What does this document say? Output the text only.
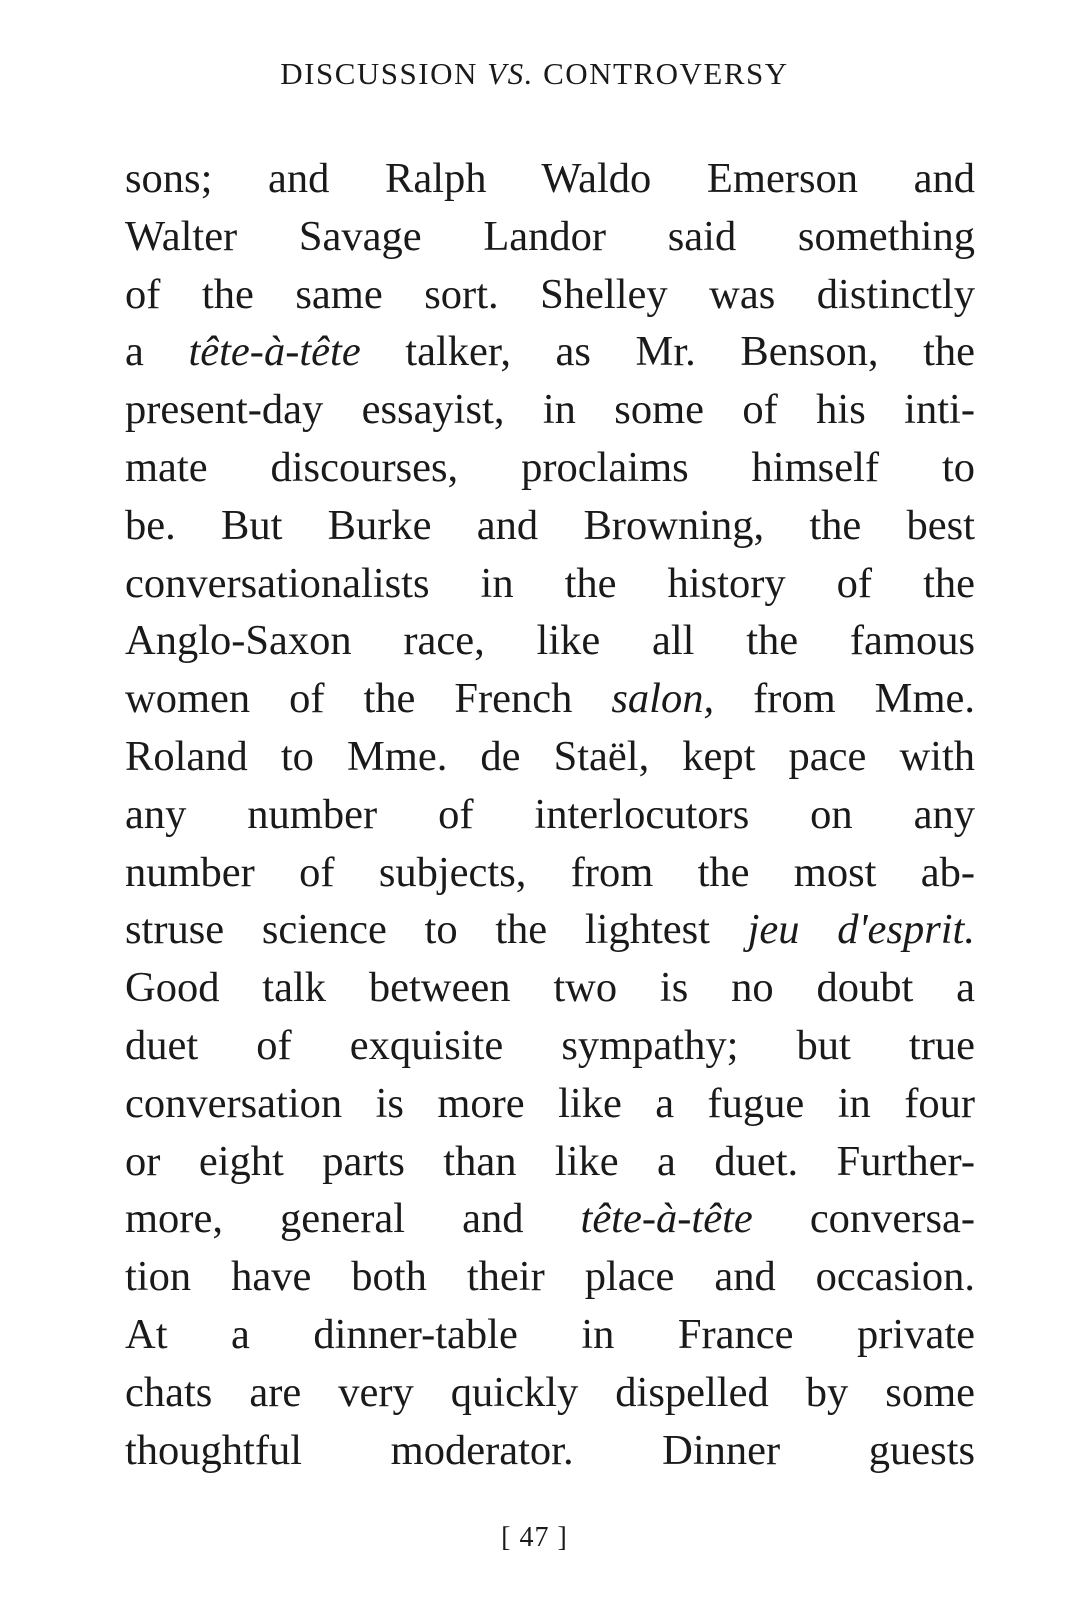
DISCUSSION VS. CONTROVERSY
sons; and Ralph Waldo Emerson and
Walter Savage Landor said something
of the same sort. Shelley was distinctly
a tête-à-tête talker, as Mr. Benson, the
present-day essayist, in some of his inti-
mate discourses, proclaims himself to
be. But Burke and Browning, the best
conversationalists in the history of the
Anglo-Saxon race, like all the famous
women of the French salon, from Mme.
Roland to Mme. de Staël, kept pace with
any number of interlocutors on any
number of subjects, from the most ab-
struse science to the lightest jeu d'esprit.
Good talk between two is no doubt a
duet of exquisite sympathy; but true
conversation is more like a fugue in four
or eight parts than like a duet. Further-
more, general and tête-à-tête conversa-
tion have both their place and occasion.
At a dinner-table in France private
chats are very quickly dispelled by some
thoughtful moderator. Dinner guests
[ 47 ]
